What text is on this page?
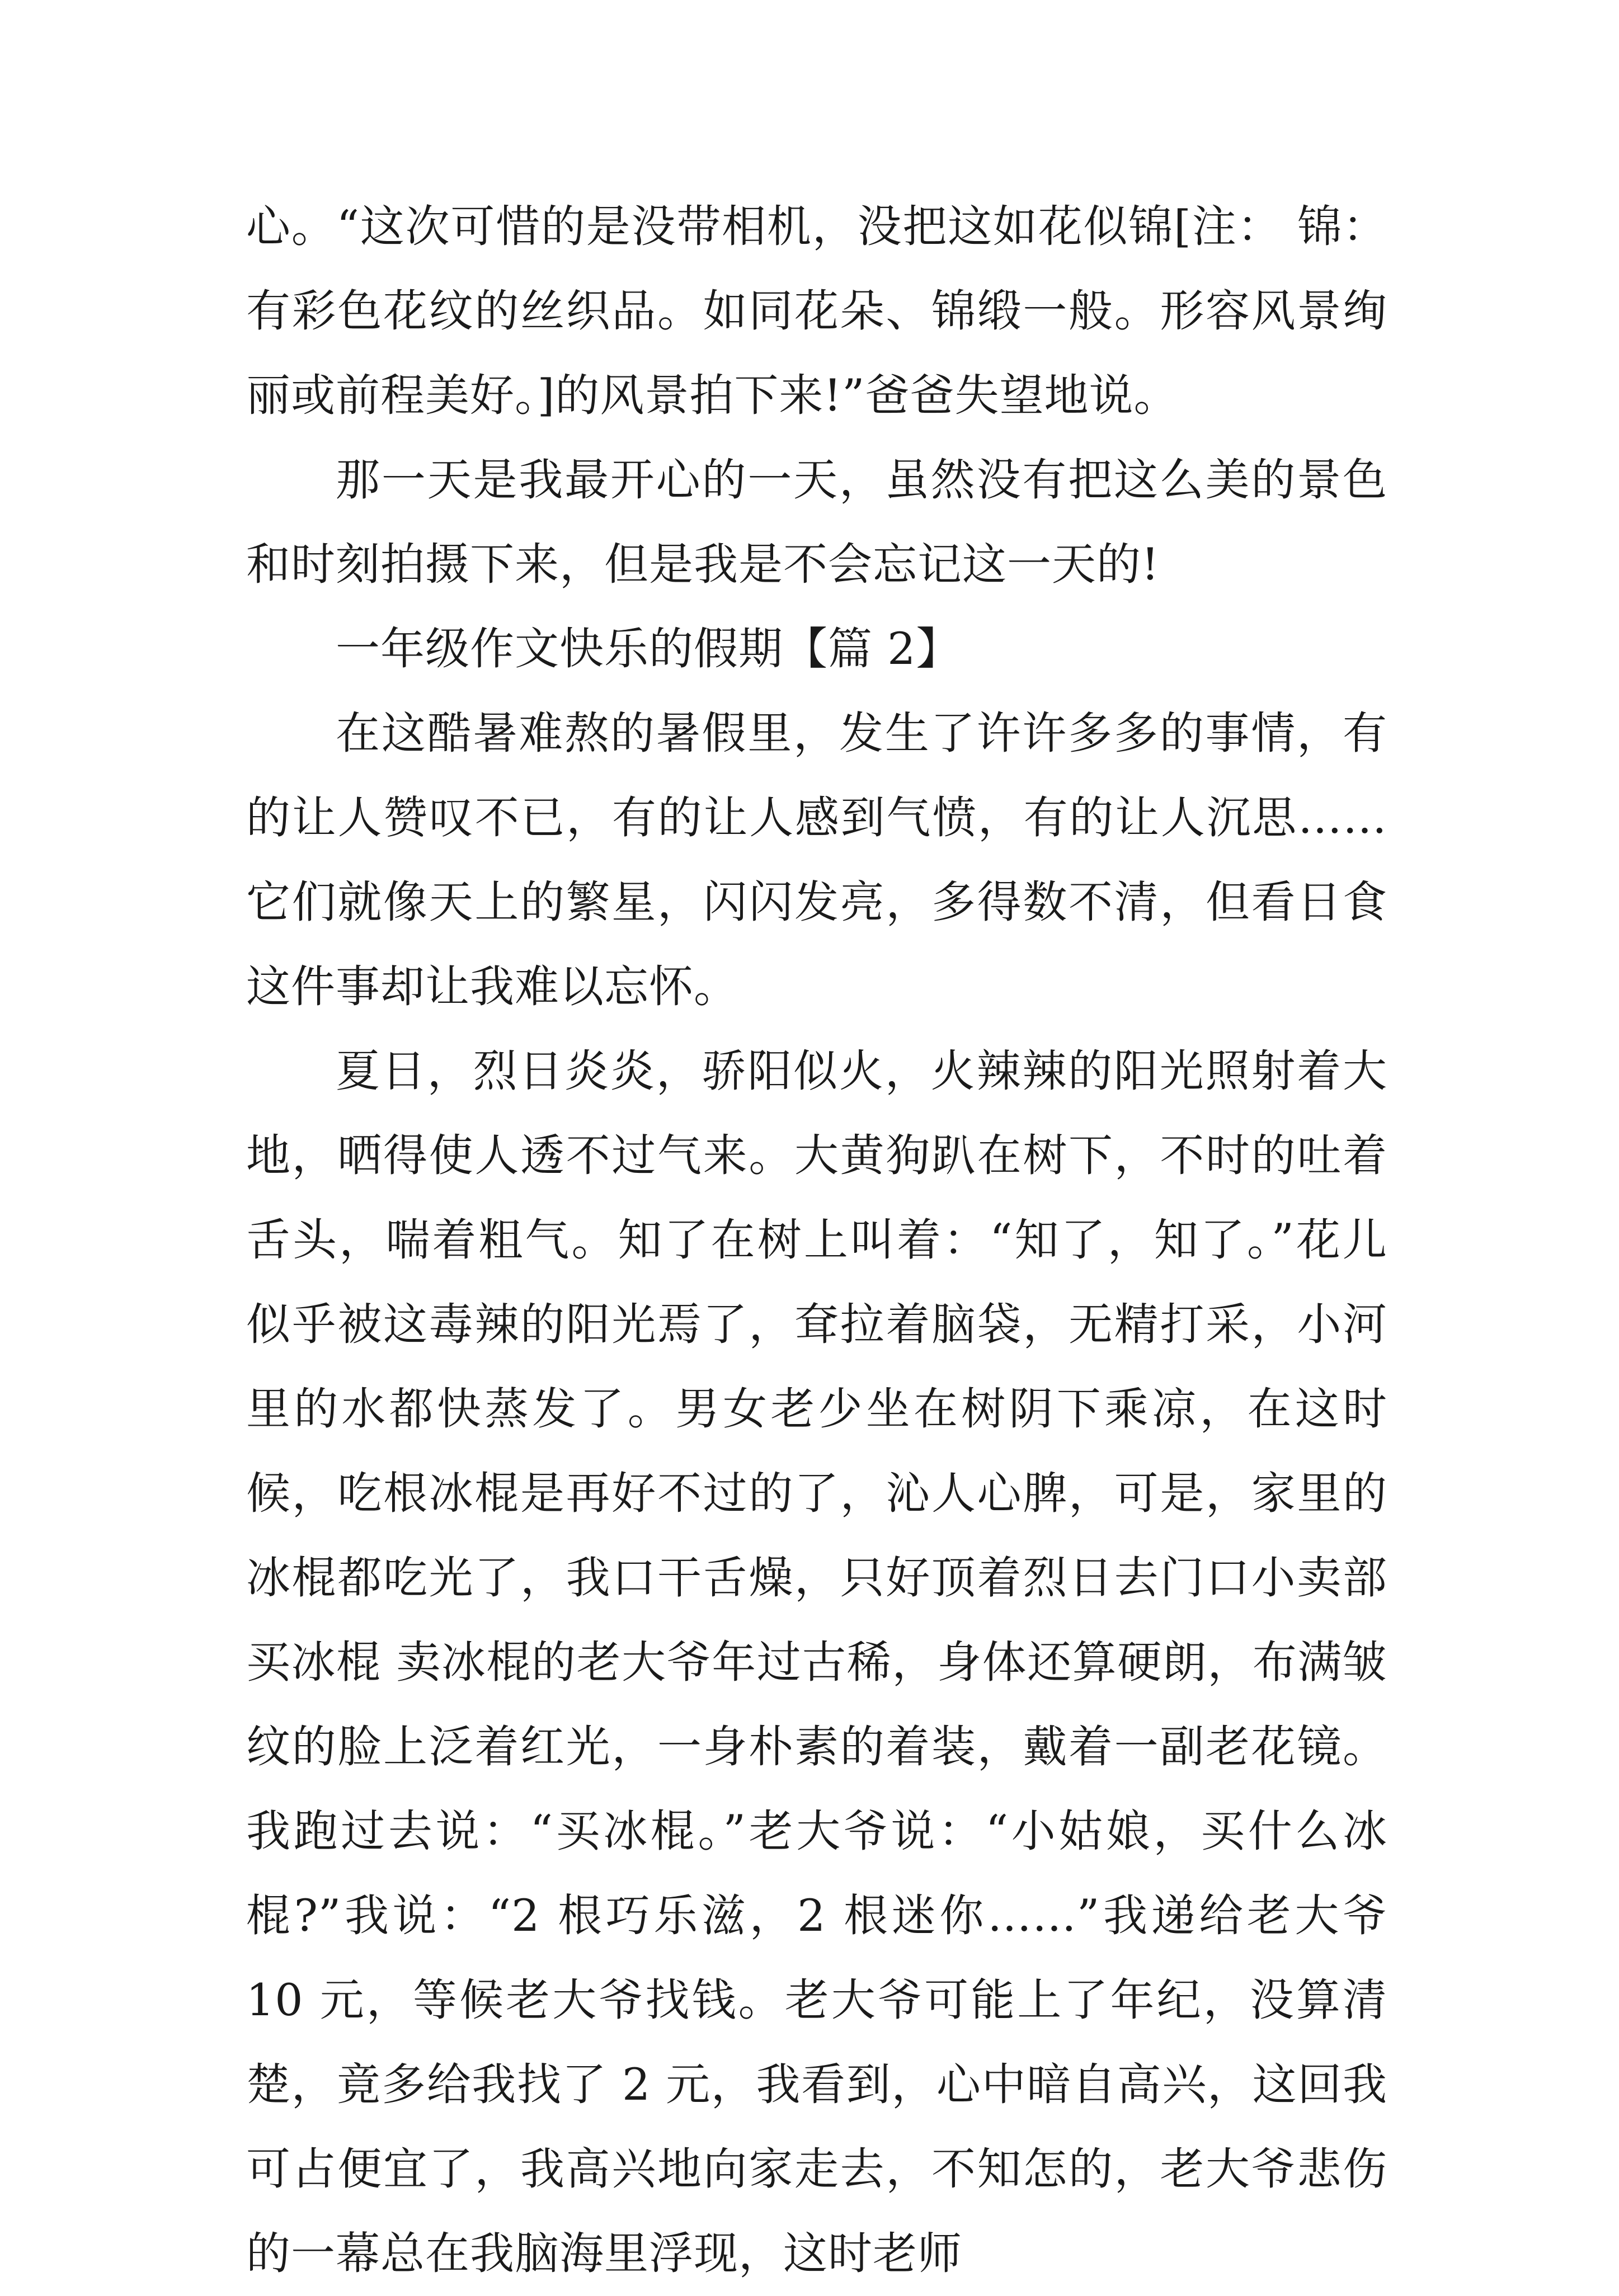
心。“这次可惜的是没带相机，没把这如花似锦[注： 锦：有彩色花纹的丝织品。如同花朵、锦缎一般。形容风景绚丽或前程美好。]的风景拍下来!”爸爸失望地说。

那一天是我最开心的一天，虽然没有把这么美的景色和时刻拍摄下来，但是我是不会忘记这一天的!

一年级作文快乐的假期【篇 2】

在这酷暑难熬的暑假里，发生了许许多多的事情，有的让人赞叹不已，有的让人感到气愤，有的让人沉思……它们就像天上的繁星，闪闪发亮，多得数不清，但看日食这件事却让我难以忘怀。

夏日，烈日炎炎，骄阳似火，火辣辣的阳光照射着大地，晒得使人透不过气来。大黄狗趴在树下，不时的吐着舌头，喘着粗气。知了在树上叫着：“知了，知了。”花儿似乎被这毒辣的阳光焉了，耷拉着脑袋，无精打采，小河里的水都快蒸发了。男女老少坐在树阴下乘凉，在这时候，吃根冰棍是再好不过的了，沁人心脾，可是，家里的冰棍都吃光了，我口干舌燥，只好顶着烈日去门口小卖部买冰棍 卖冰棍的老大爷年过古稀，身体还算硬朗，布满皱纹的脸上泛着红光，一身朴素的着装，戴着一副老花镜。 我跑过去说：“买冰棍。”老大爷说：“小姑娘，买什么冰棍?”我说：“2 根巧乐滋，2 根迷你……”我递给老大爷 10 元，等候老大爷找钱。老大爷可能上了年纪，没算清楚，竟多给我找了 2 元，我看到，心中暗自高兴，这回我可占便宜了，我高兴地向家走去，不知怎的，老大爷悲伤的一幕总在我脑海里浮现，这时老师
